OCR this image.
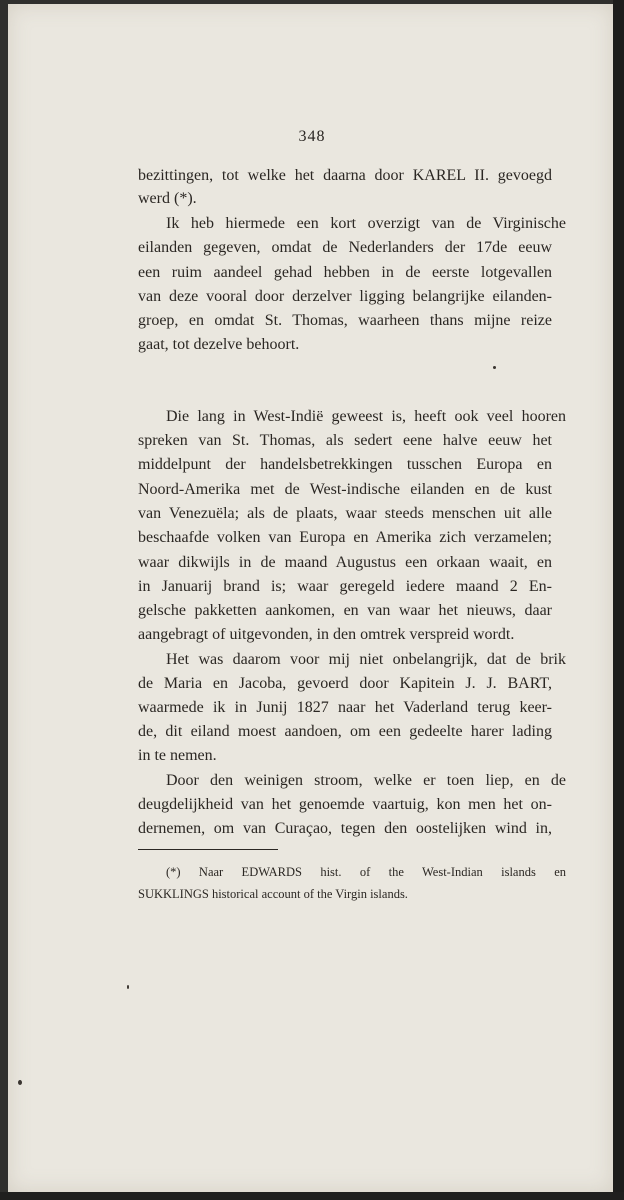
348
bezittingen, tot welke het daarna door KAREL II. gevoegd
werd (*).
Ik heb hiermede een kort overzigt van de Virginische
eilanden gegeven, omdat de Nederlanders der 17de eeuw
een ruim aandeel gehad hebben in de eerste lotgevallen
van deze vooral door derzelver ligging belangrijke eilanden-
groep, en omdat St. Thomas, waarheen thans mijne reize
gaat, tot dezelve behoort.
Die lang in West-Indië geweest is, heeft ook veel hooren
spreken van St. Thomas, als sedert eene halve eeuw het
middelpunt der handelsbetrekkingen tusschen Europa en
Noord-Amerika met de West-indische eilanden en de kust
van Venezuëla; als de plaats, waar steeds menschen uit alle
beschaafde volken van Europa en Amerika zich verzamelen;
waar dikwijls in de maand Augustus een orkaan waait, en
in Januarij brand is; waar geregeld iedere maand 2 En-
gelsche pakketten aankomen, en van waar het nieuws, daar
aangebragt of uitgevonden, in den omtrek verspreid wordt.
Het was daarom voor mij niet onbelangrijk, dat de brik
de Maria en Jacoba, gevoerd door Kapitein J. J. BART,
waarmede ik in Junij 1827 naar het Vaderland terug keer-
de, dit eiland moest aandoen, om een gedeelte harer lading
in te nemen.
Door den weinigen stroom, welke er toen liep, en de
deugdelijkheid van het genoemde vaartuig, kon men het on-
dernemen, om van Curaçao, tegen den oostelijken wind in,
(*) Naar EDWARDS hist. of the West-Indian islands en
SUKKLINGS historical account of the Virgin islands.
